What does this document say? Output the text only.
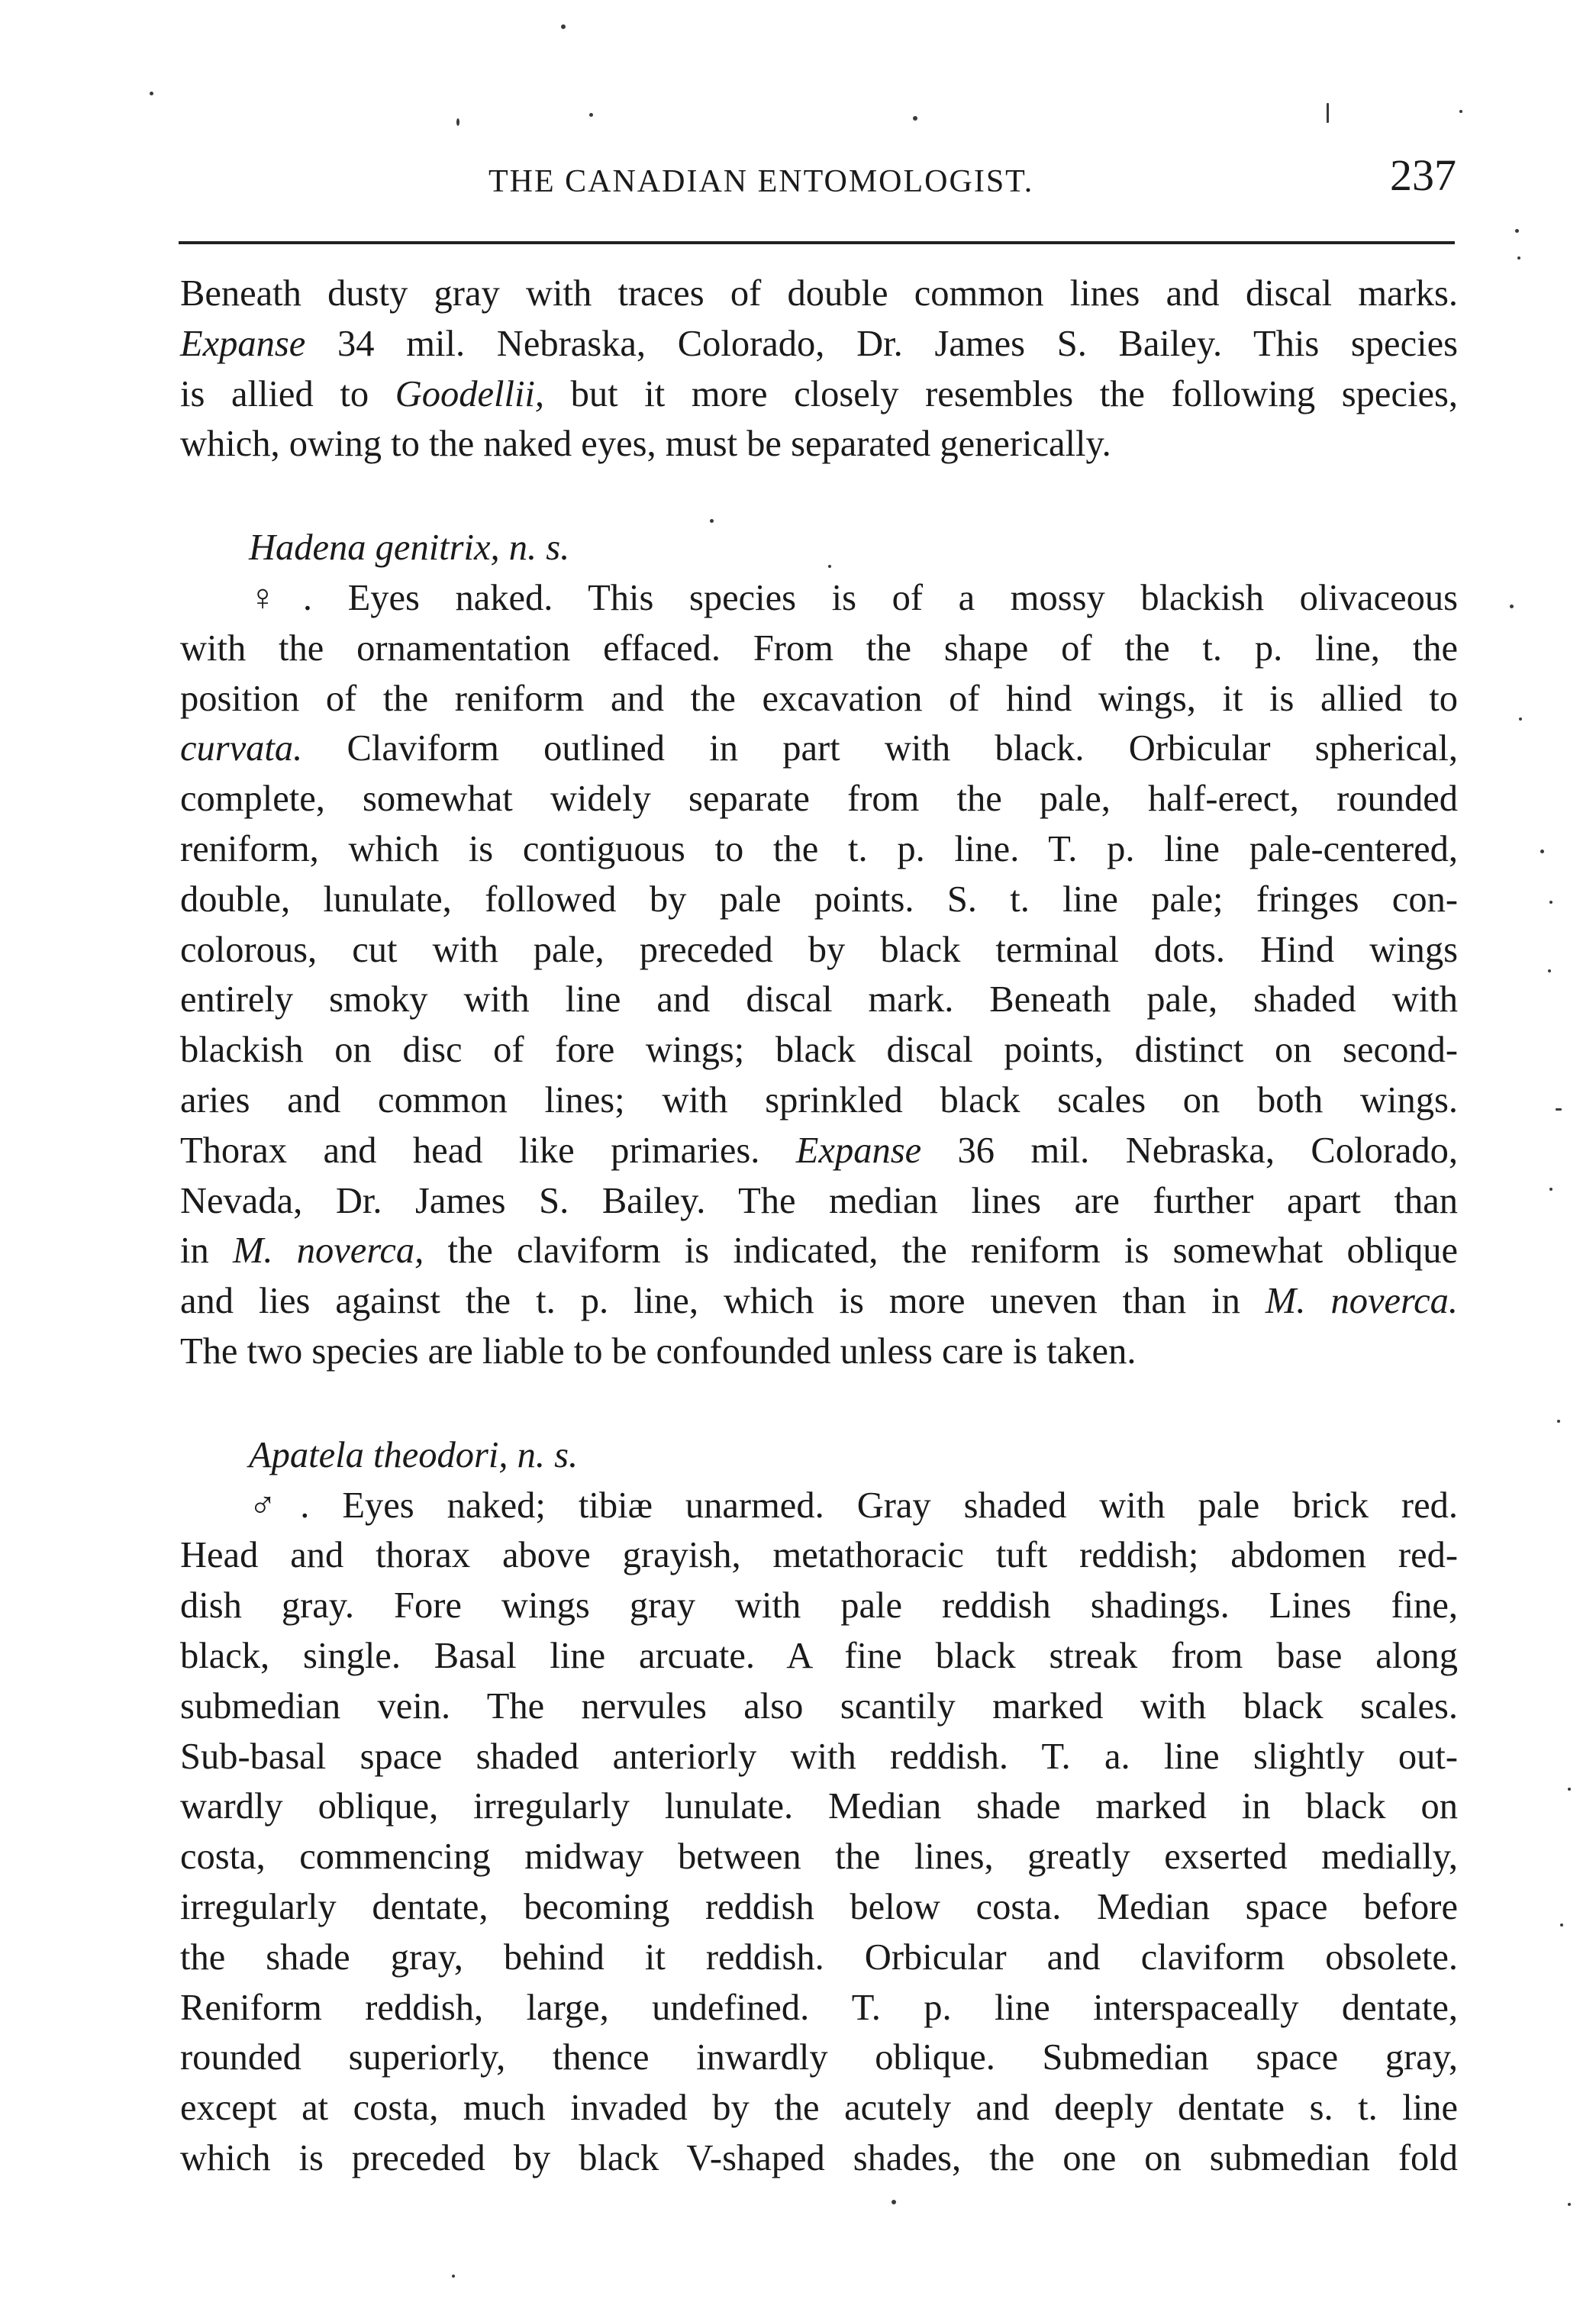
THE CANADIAN ENTOMOLOGIST.	237
Beneath dusty gray with traces of double common lines and discal marks.
Expanse 34 mil. Nebraska, Colorado, Dr. James S. Bailey. This species
is allied to Goodellii, but it more closely resembles the following species,
which, owing to the naked eyes, must be separated generically.
Hadena genitrix, n. s.
♀. Eyes naked. This species is of a mossy blackish olivaceous
with the ornamentation effaced. From the shape of the t. p. line, the
position of the reniform and the excavation of hind wings, it is allied to
curvata. Claviform outlined in part with black. Orbicular spherical,
complete, somewhat widely separate from the pale, half-erect, rounded
reniform, which is contiguous to the t. p. line. T. p. line pale-centered,
double, lunulate, followed by pale points. S. t. line pale; fringes con-
colorous, cut with pale, preceded by black terminal dots. Hind wings
entirely smoky with line and discal mark. Beneath pale, shaded with
blackish on disc of fore wings; black discal points, distinct on second-
aries and common lines; with sprinkled black scales on both wings.
Thorax and head like primaries. Expanse 36 mil. Nebraska, Colorado,
Nevada, Dr. James S. Bailey. The median lines are further apart than
in M. noverca, the claviform is indicated, the reniform is somewhat oblique
and lies against the t. p. line, which is more uneven than in M. noverca.
The two species are liable to be confounded unless care is taken.
Apatela theodori, n. s.
♂. Eyes naked; tibiæ unarmed. Gray shaded with pale brick red.
Head and thorax above grayish, metathoracic tuft reddish; abdomen red-
dish gray. Fore wings gray with pale reddish shadings. Lines fine,
black, single. Basal line arcuate. A fine black streak from base along
submedian vein. The nervules also scantily marked with black scales.
Sub-basal space shaded anteriorly with reddish. T. a. line slightly out-
wardly oblique, irregularly lunulate. Median shade marked in black on
costa, commencing midway between the lines, greatly exserted medially,
irregularly dentate, becoming reddish below costa. Median space before
the shade gray, behind it reddish. Orbicular and claviform obsolete.
Reniform reddish, large, undefined. T. p. line interspaceally dentate,
rounded superiorly, thence inwardly oblique. Submedian space gray,
except at costa, much invaded by the acutely and deeply dentate s. t. line
which is preceded by black V-shaped shades, the one on submedian fold
